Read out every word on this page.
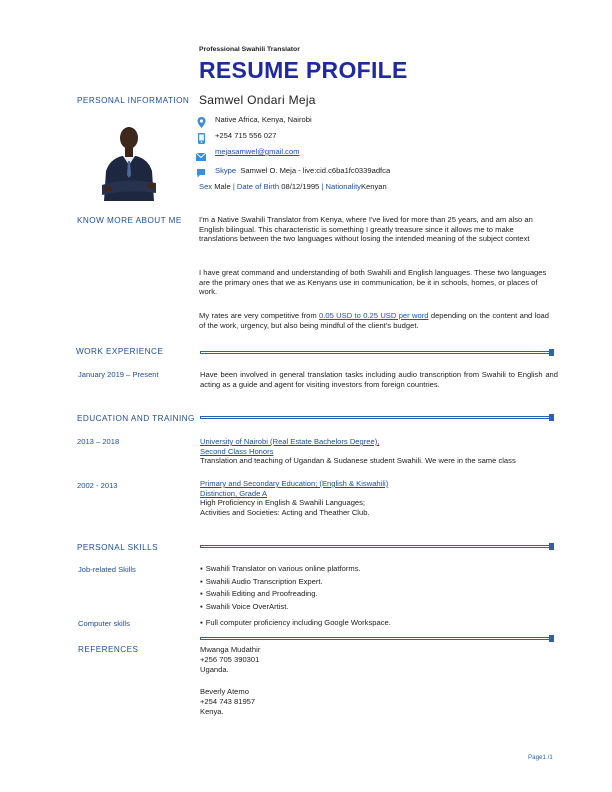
Professional Swahili Translator
RESUME PROFILE
PERSONAL INFORMATION Samwel Ondari Meja
Native Africa, Kenya, Nairobi
+254 715 556 027
mejasamwel@gmail.com
Skype Samwel O. Meja - live:cid.c6ba1fc0339adfca
Sex Male | Date of Birth 08/12/1995 | NationalityKenyan
KNOW MORE ABOUT ME I'm a Native Swahili Translator from Kenya, where I've lived for more than 25 years, and am also an English bilingual. This characteristic is something I greatly treasure since it allows me to make translations between the two languages without losing the intended meaning of the subject context
I have great command and understanding of both Swahili and English languages. These two languages are the primary ones that we as Kenyans use in communication, be it in schools, homes, or places of work.
My rates are very competitive from 0.05 USD to 0.25 USD per word depending on the content and load of the work, urgency, but also being mindful of the client's budget.
WORK EXPERIENCE
January 2019 – Present	Have been involved in general translation tasks including audio transcription from Swahili to English and acting as a guide and agent for visiting investors from foreign countries.
EDUCATION AND TRAINING
2013 – 2018	University of Nairobi (Real Estate Bachelors Degree),
Second Class Honors
Translation and teaching of Ugandan & Sudanese student Swahili. We were in the same class
2002 - 2013	Primary and Secondary Education; (English & Kiswahili)
Distinction, Grade A
High Proficiency in English & Swahili Languages;
Activities and Societies: Acting and Theather Club.
PERSONAL SKILLS
Job-related Skills	▪ Swahili Translator on various online platforms.
▪ Swahili Audio Transcription Expert.
▪ Swahili Editing and Proofreading.
▪ Swahili Voice OverArtist.
Computer skills	▪ Full computer proficiency including Google Workspace.
REFERENCES	Mwanga Mudathir
+256 705 390301
Uganda.
Beverly Atemo
+254 743 81957
Kenya.
Page1 /1
